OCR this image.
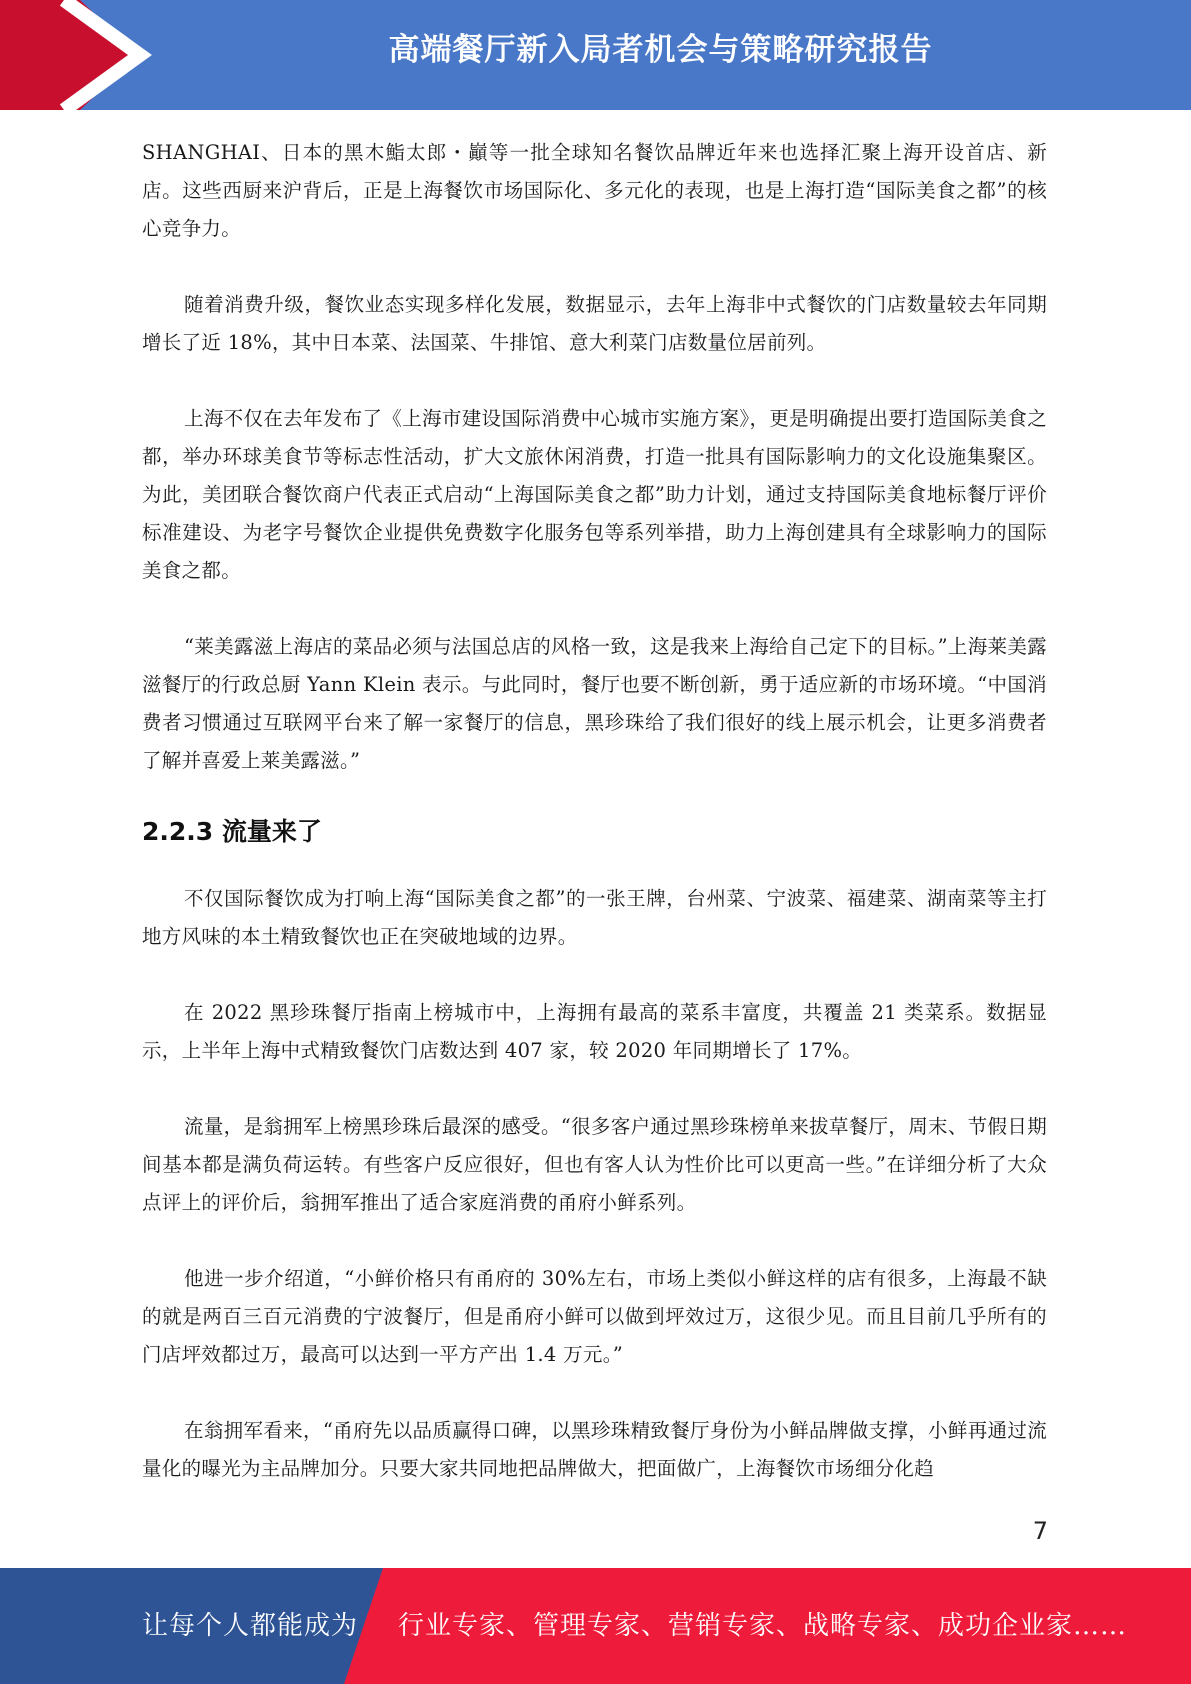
高端餐厅新入局者机会与策略研究报告

SHANGHAI、日本的黑木鮨太郎・巓等一批全球知名餐饮品牌近年来也选择汇聚上海开设首店、新店。这些西厨来沪背后，正是上海餐饮市场国际化、多元化的表现，也是上海打造“国际美食之都”的核心竞争力。

随着消费升级，餐饮业态实现多样化发展，数据显示，去年上海非中式餐饮的门店数量较去年同期增长了近 18%，其中日本菜、法国菜、牛排馆、意大利菜门店数量位居前列。

上海不仅在去年发布了《上海市建设国际消费中心城市实施方案》，更是明确提出要打造国际美食之都，举办环球美食节等标志性活动，扩大文旅休闲消费，打造一批具有国际影响力的文化设施集聚区。为此，美团联合餐饮商户代表正式启动“上海国际美食之都”助力计划，通过支持国际美食地标餐厅评价标准建设、为老字号餐饮企业提供免费数字化服务包等系列举措，助力上海创建具有全球影响力的国际美食之都。

“莱美露滋上海店的菜品必须与法国总店的风格一致，这是我来上海给自己定下的目标。”上海莱美露滋餐厅的行政总厨 Yann Klein 表示。与此同时，餐厅也要不断创新，勇于适应新的市场环境。“中国消费者习惯通过互联网平台来了解一家餐厅的信息，黑珍珠给了我们很好的线上展示机会，让更多消费者了解并喜爱上莱美露滋。”

2.2.3 流量来了

不仅国际餐饮成为打响上海“国际美食之都”的一张王牌，台州菜、宁波菜、福建菜、湖南菜等主打地方风味的本土精致餐饮也正在突破地域的边界。

在 2022 黑珍珠餐厅指南上榜城市中，上海拥有最高的菜系丰富度，共覆盖 21 类菜系。数据显示，上半年上海中式精致餐饮门店数达到 407 家，较 2020 年同期增长了 17%。

流量，是翁拥军上榜黑珍珠后最深的感受。“很多客户通过黑珍珠榜单来拔草餐厅，周末、节假日期间基本都是满负荷运转。有些客户反应很好，但也有客人认为性价比可以更高一些。”在详细分析了大众点评上的评价后，翁拥军推出了适合家庭消费的甬府小鲜系列。

他进一步介绍道，“小鲜价格只有甬府的 30%左右，市场上类似小鲜这样的店有很多，上海最不缺的就是两百三百元消费的宁波餐厅，但是甬府小鲜可以做到坪效过万，这很少见。而且目前几乎所有的门店坪效都过万，最高可以达到一平方产出 1.4 万元。”

在翁拥军看来，“甬府先以品质赢得口碑，以黑珍珠精致餐厅身份为小鲜品牌做支撑，小鲜再通过流量化的曝光为主品牌加分。只要大家共同地把品牌做大，把面做广，上海餐饮市场细分化趋

7
让每个人都能成为 行业专家、管理专家、营销专家、战略专家、成功企业家……
